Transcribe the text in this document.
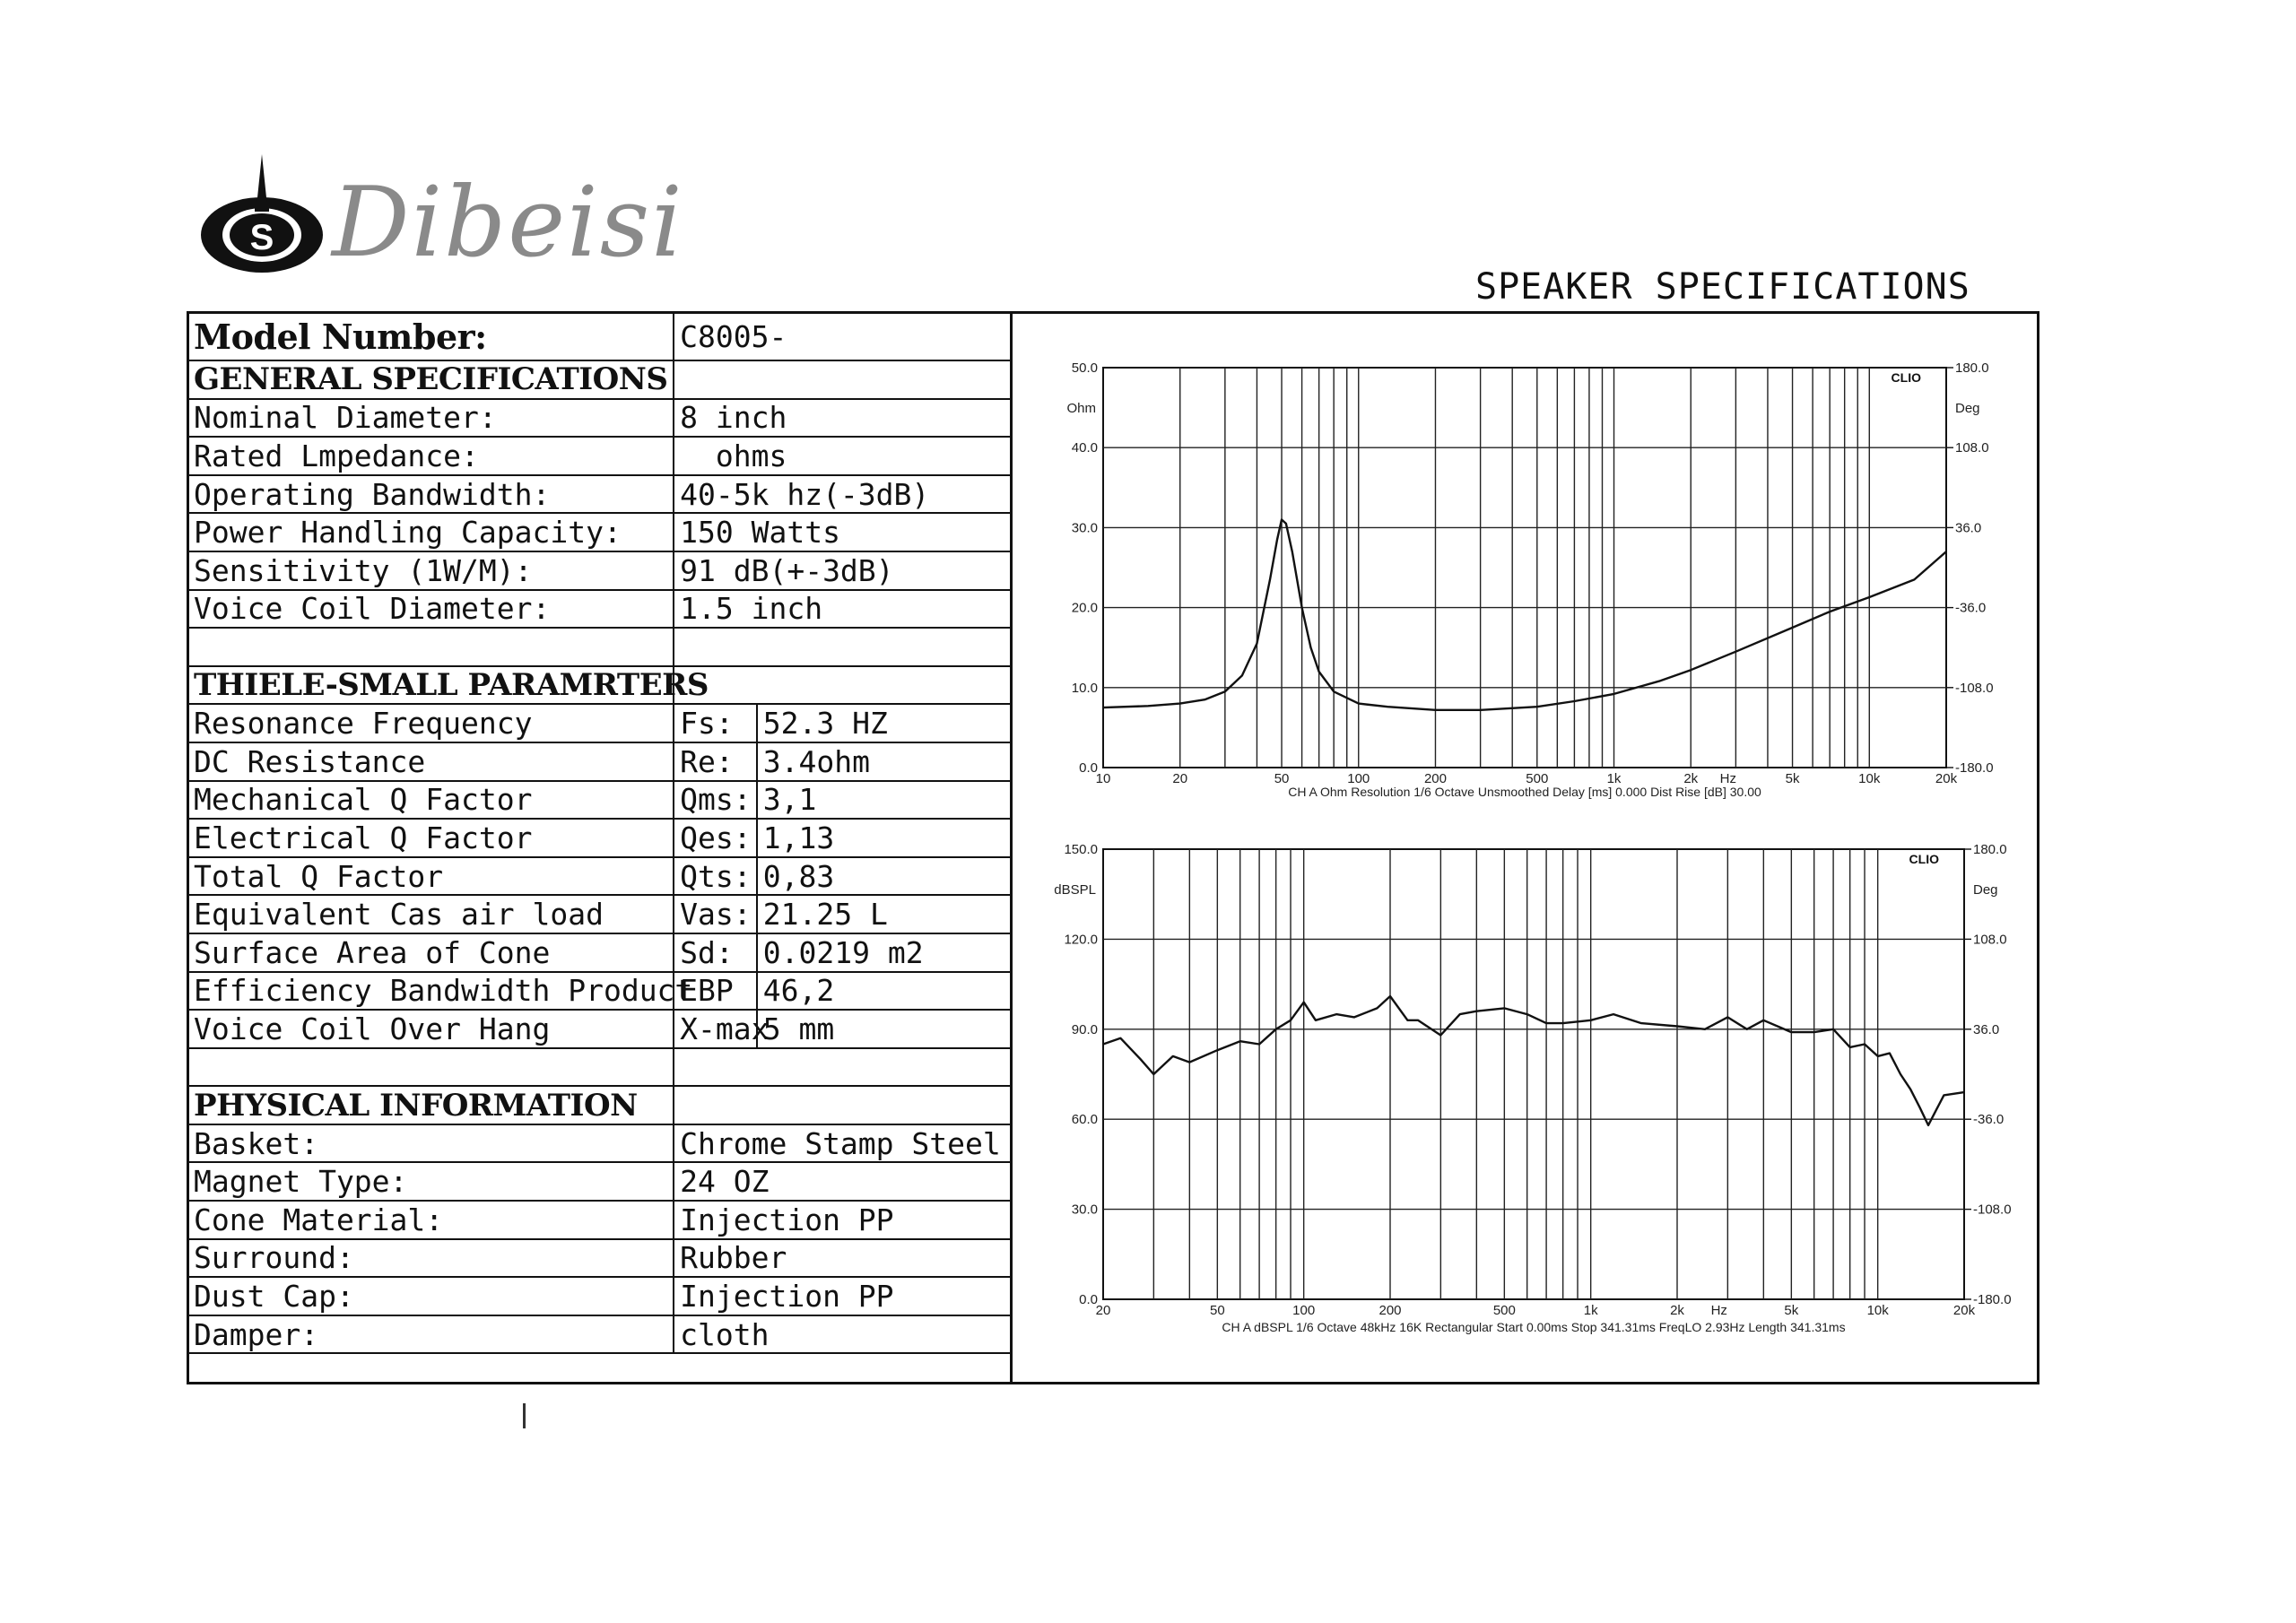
S Dibeisi
SPEAKER SPECIFICATIONS
Model Number:	C8005-	
GENERAL SPECIFICATIONS		
Nominal Diameter:	8 inch	
Rated Lmpedance:	ohms	
Operating Bandwidth:	40-5k hz(-3dB)	
Power Handling Capacity:	150 Watts	
Sensitivity (1W/M):	91 dB(+-3dB)	
Voice Coil Diameter:	1.5 inch	

THIELE-SMALL PARAMRTERS		
Resonance Frequency	Fs:	52.3 HZ
DC Resistance	Re:	3.4ohm
Mechanical Q Factor	Qms:	3,1
Electrical Q Factor	Qes:	1,13
Total Q Factor	Qts:	0,83
Equivalent Cas air load	Vas:	21.25 L
Surface Area of Cone	Sd:	0.0219 m2
Efficiency Bandwidth Product	EBP	46,2
Voice Coil Over Hang	X-max	5 mm

PHYSICAL INFORMATION		
Basket:	Chrome Stamp Steel	
Magnet Type:	24 OZ	
Cone Material:	Injection PP	
Surround:	Rubber	
Dust Cap:	Injection PP	
Damper:	cloth	
0.0
10.0
20.0
30.0
40.0
50.0
-180.0
-108.0
-36.0
36.0
108.0
180.0
Ohm	Deg
10	20	50	100	200	500	1k	2k	5k	10k	20k
Hz
CLIO
CH A Ohm Resolution 1/6 Octave Unsmoothed Delay [ms] 0.000 Dist Rise [dB] 30.00
0.0
30.0
60.0
90.0
120.0
150.0
-180.0
-108.0
-36.0
36.0
108.0
180.0
dBSPL	Deg
20	50	100	200	500	1k	2k	5k	10k	20k
Hz
CLIO
CH A dBSPL 1/6 Octave 48kHz 16K Rectangular Start 0.00ms Stop 341.31ms FreqLO 2.93Hz Length 341.31ms
